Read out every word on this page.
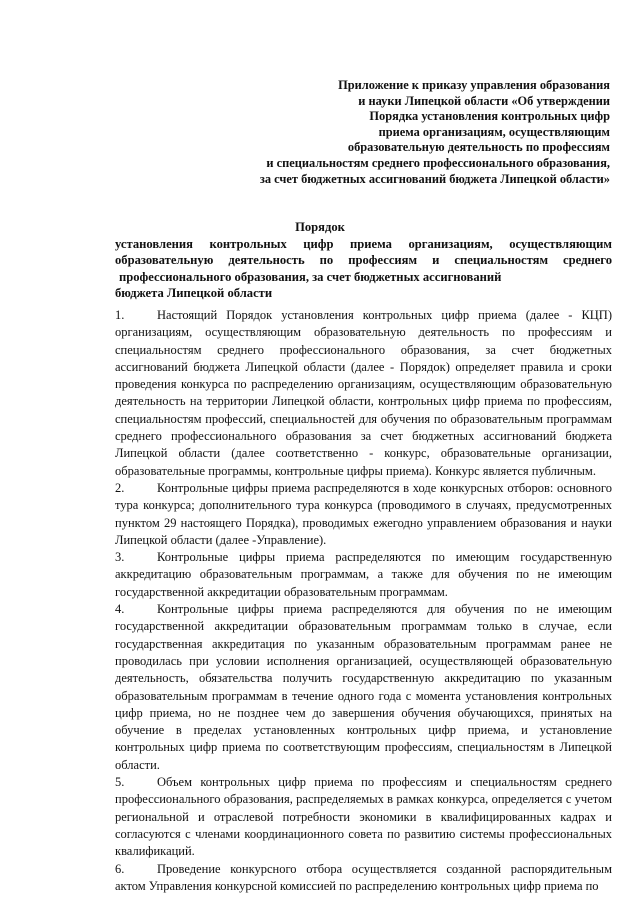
Приложение к приказу управления образования
и науки Липецкой области «Об утверждении
Порядка установления контрольных цифр
приема организациям, осуществляющим
образовательную деятельность по профессиям
и специальностям среднего профессионального образования,
за счет бюджетных ассигнований бюджета Липецкой области»
Порядок
установления контрольных цифр приема организациям, осуществляющим
образовательную деятельность по профессиям и специальностям среднего
профессионального образования, за счет бюджетных ассигнований
бюджета Липецкой области

1.	Настоящий Порядок установления контрольных цифр приема (далее - КЦП) организациям, осуществляющим образовательную деятельность по профессиям и специальностям среднего профессионального образования, за счет бюджетных ассигнований бюджета Липецкой области (далее - Порядок) определяет правила и сроки проведения конкурса по распределению организациям, осуществляющим образовательную деятельность на территории Липецкой области, контрольных цифр приема по профессиям, специальностям профессий, специальностей для обучения по образовательным программам среднего профессионального образования за счет бюджетных ассигнований бюджета Липецкой области (далее соответственно - конкурс, образовательные организации, образовательные программы, контрольные цифры приема). Конкурс является публичным.

2.	Контрольные цифры приема распределяются в ходе конкурсных отборов: основного тура конкурса; дополнительного тура конкурса (проводимого в случаях, предусмотренных пунктом 29 настоящего Порядка), проводимых ежегодно управлением образования и науки Липецкой области (далее -Управление).

3.	Контрольные цифры приема распределяются по имеющим государственную аккредитацию образовательным программам, а также для обучения по не имеющим государственной аккредитации образовательным программам.

4.	Контрольные цифры приема распределяются для обучения по не имеющим государственной аккредитации образовательным программам только в случае, если государственная аккредитация по указанным образовательным программам ранее не проводилась при условии исполнения организацией, осуществляющей образовательную деятельность, обязательства получить государственную аккредитацию по указанным образовательным программам в течение одного года с момента установления контрольных цифр приема, но не позднее чем до завершения обучения обучающихся, принятых на обучение в пределах установленных контрольных цифр приема, и установление контрольных цифр приема по соответствующим профессиям, специальностям в Липецкой области.

5.	Объем контрольных цифр приема по профессиям и специальностям среднего профессионального образования, распределяемых в рамках конкурса, определяется с учетом региональной и отраслевой потребности экономики в квалифицированных кадрах и согласуются с членами координационного совета по развитию системы профессиональных квалификаций.

6.	Проведение конкурсного отбора осуществляется созданной распорядительным актом Управления конкурсной комиссией по распределению контрольных цифр приема по
